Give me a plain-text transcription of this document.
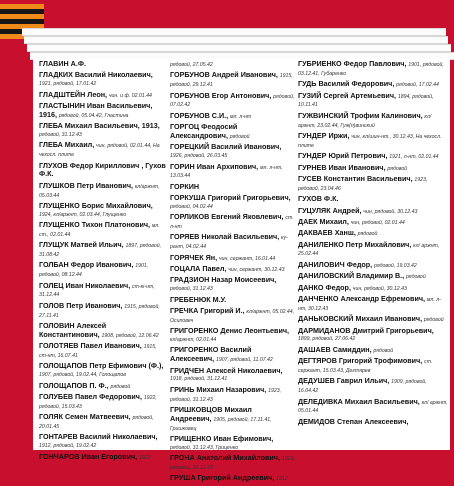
ГЛАВИН А.Ф.
ГЛАДКИХ Василий Николаевич, 1921, рядовой, 17.01.42
ГЛАДШТЕЙН Леон, чин. и ф. 02.01.44
ГЛАСТЫНИН Иван Васильевич, 1916, рядовой, 05.04.42, Гластина
ГЛЕБА Михаил Васильевич, 1913, рядовой, 31.12.43
ГЛЕБА Михаил, чин, рядовой, 02.01.44, На чехосл. плите
ГЛУХОВ Федор Кириллович , Гухов Ф.К.
ГЛУШКОВ Петр Иванович, кл/аржнт, 05.03.44
ГЛУЩЕНКО Борис Михайлович, 1924, кл/аржнт, 02.03.44, Глущенко
ГЛУЩЕНКО Тихон Платонович, мл. ст., 02.01.44
ГЛУЩУК Матвей Ильич, 1897, рядовой, 31.08.42
ГОЛБАН Федор Иванович, 1901, рядовой, 08.12.44
ГОЛЕЦ Иван Николаевич, ст-кі-нт, 31.12.44
ГОЛОВ Петр Иванович, 1915, рядовой, 27.11.41
ГОЛОВИН Алексей Константинович, 1908, рядовой, 12.06.42
ГОЛОТЯЕВ Павел Иванович, 1915, ст-нт, 16.07.41
ГОЛОЩАПОВ Петр Ефимович (Ф.), 1907, рядовой, 19.02.44, Голощапов
ГОЛОЩАПОВ П. Ф., рядовой
ГОЛУБЕВ Павел Федорович, 1922, рядовой, 15.03.43
ГОЛЯК Семен Матвеевич, рядовой, 20.01.45
ГОНТАРЕВ Василий Николаевич, 1912, рядовой, 19.02.42
ГОНЧАРОВ Иван Егорович, 1922
рядовой, 27.05.42
ГОРБУНОВ Андрей Иванович, 1915, рядовой, 29.12.41
ГОРБУНОВ Егор Антонович, рядовой, 07.02.42
ГОРБУНОВ С.И., мл. л-нт
ГОРГОЦ Феодосий Александрович, рядовой
ГОРЕЦКИЙ Василий Иванович, 1926, рядовой, 26.03.45
ГОРИН Иван Архипович, мл. л-нт, 13.03.44
ГОРКИН
ГОРКУША Григорий Григорьевич, рядовой, 04.02.44
ГОРЛИКОВ Евгений Яковлевич, ст. л-нт
ГОРЯЕВ Николай Васильевич, ку-рант, 04.02.44
ГОРЯЧЕК Ян, чин, сержант, 16.01.44
ГОЦАЛА Павел, чин, сержант, 30.12.43
ГРАДЗИОН Назар Моисеевич, рядовой, 31.12.43
ГРЕБЕНЮК М.У.
ГРЕЧКА Григорий И., кл/аржнт, 05.02.44, Осиповеч
ГРИГОРЕНКО Денис Леонтьевич, кл/аржнт, 02.01.44
ГРИГОРЕНКО Василий Алексеевич, 1907, рядовой, 11.07.42
ГРИДЧЕН Алексей Николаевич, 1918, рядовой, 31.12.41
ГРИНЬ Михаил Назарович, 1923, рядовой, 31.12.43
ГРИШКОВЦОВ Михаил Андреевич, 1905, рядовой, 17.11.41, Гришковец
ГРИЩЕНКО Иван Ефимович, рядовой, 31.12.43, Гриценко
ГРОНА Анатолий Михайлович, 1923, рядовой, 31.12.43
ГРУША Григорий Андреевич, 1912
ГУБРИЕНКО Федор Павлович, 1901, рядовой, 03.12.41, Губаренко
ГУДЬ Василий Федорович, рядовой, 17.02.44
ГУЗИЙ Сергей Артемьевич, 1894, рядовой, 10.11.41
ГУЖВИНСКИЙ Трофим Калинович, кл/аржнт, 23.02.44, Гуж(п)винский
ГУНДЕР Иржи, чин, кл/шин-нт., 30.12.43, На чехосл. плите
ГУНДЕР Юрий Петрович, 1921, л-нт, 02.01.44
ГУРНЕВ Иван Иванович, рядовой
ГУСЕВ Константин Васильевич, 1923, рядовой, 23.04.46
ГУХОВ Ф.К.
ГУЦУЛЯК Андрей, чин, рядовой, 30.12.43
ДАЕК Михаил, чин, рядовой, 02.01.44
ДАКВАЕВ Ханш, рядовой
ДАНИЛЕНКО Петр Михайлович, кл/ аржнт, 25.02.44
ДАНИЛОВИЧ Федор, рядовой, 19.03.42
ДАНИЛОВСКИЙ Владимир В., рядовой
ДАНКО Федор, чин, рядовой, 30.12.43
ДАНЧЕНКО Александр Ефремович, мл. л-нт, 30.12.43
ДАНЬКОВСКИЙ Михаил Иванович, рядовой
ДАРМИДАНОВ Дмитрий Григорьевич, 1899, рядовой, 27.06.42
ДАШАЕВ Самиддин, рядовой
ДЕГТЯРОВ Григорий Трофимович, ст. сержант, 15.03.43, Дегтярев
ДЕДУШЕВ Гаврил Ильич, 1909, рядовой, 16.04.42
ДЕЛЕДИВКА Михаил Васильевич, кл/ аржнт, 05.01.44
ДЕМИДОВ Степан Алексеевич,
